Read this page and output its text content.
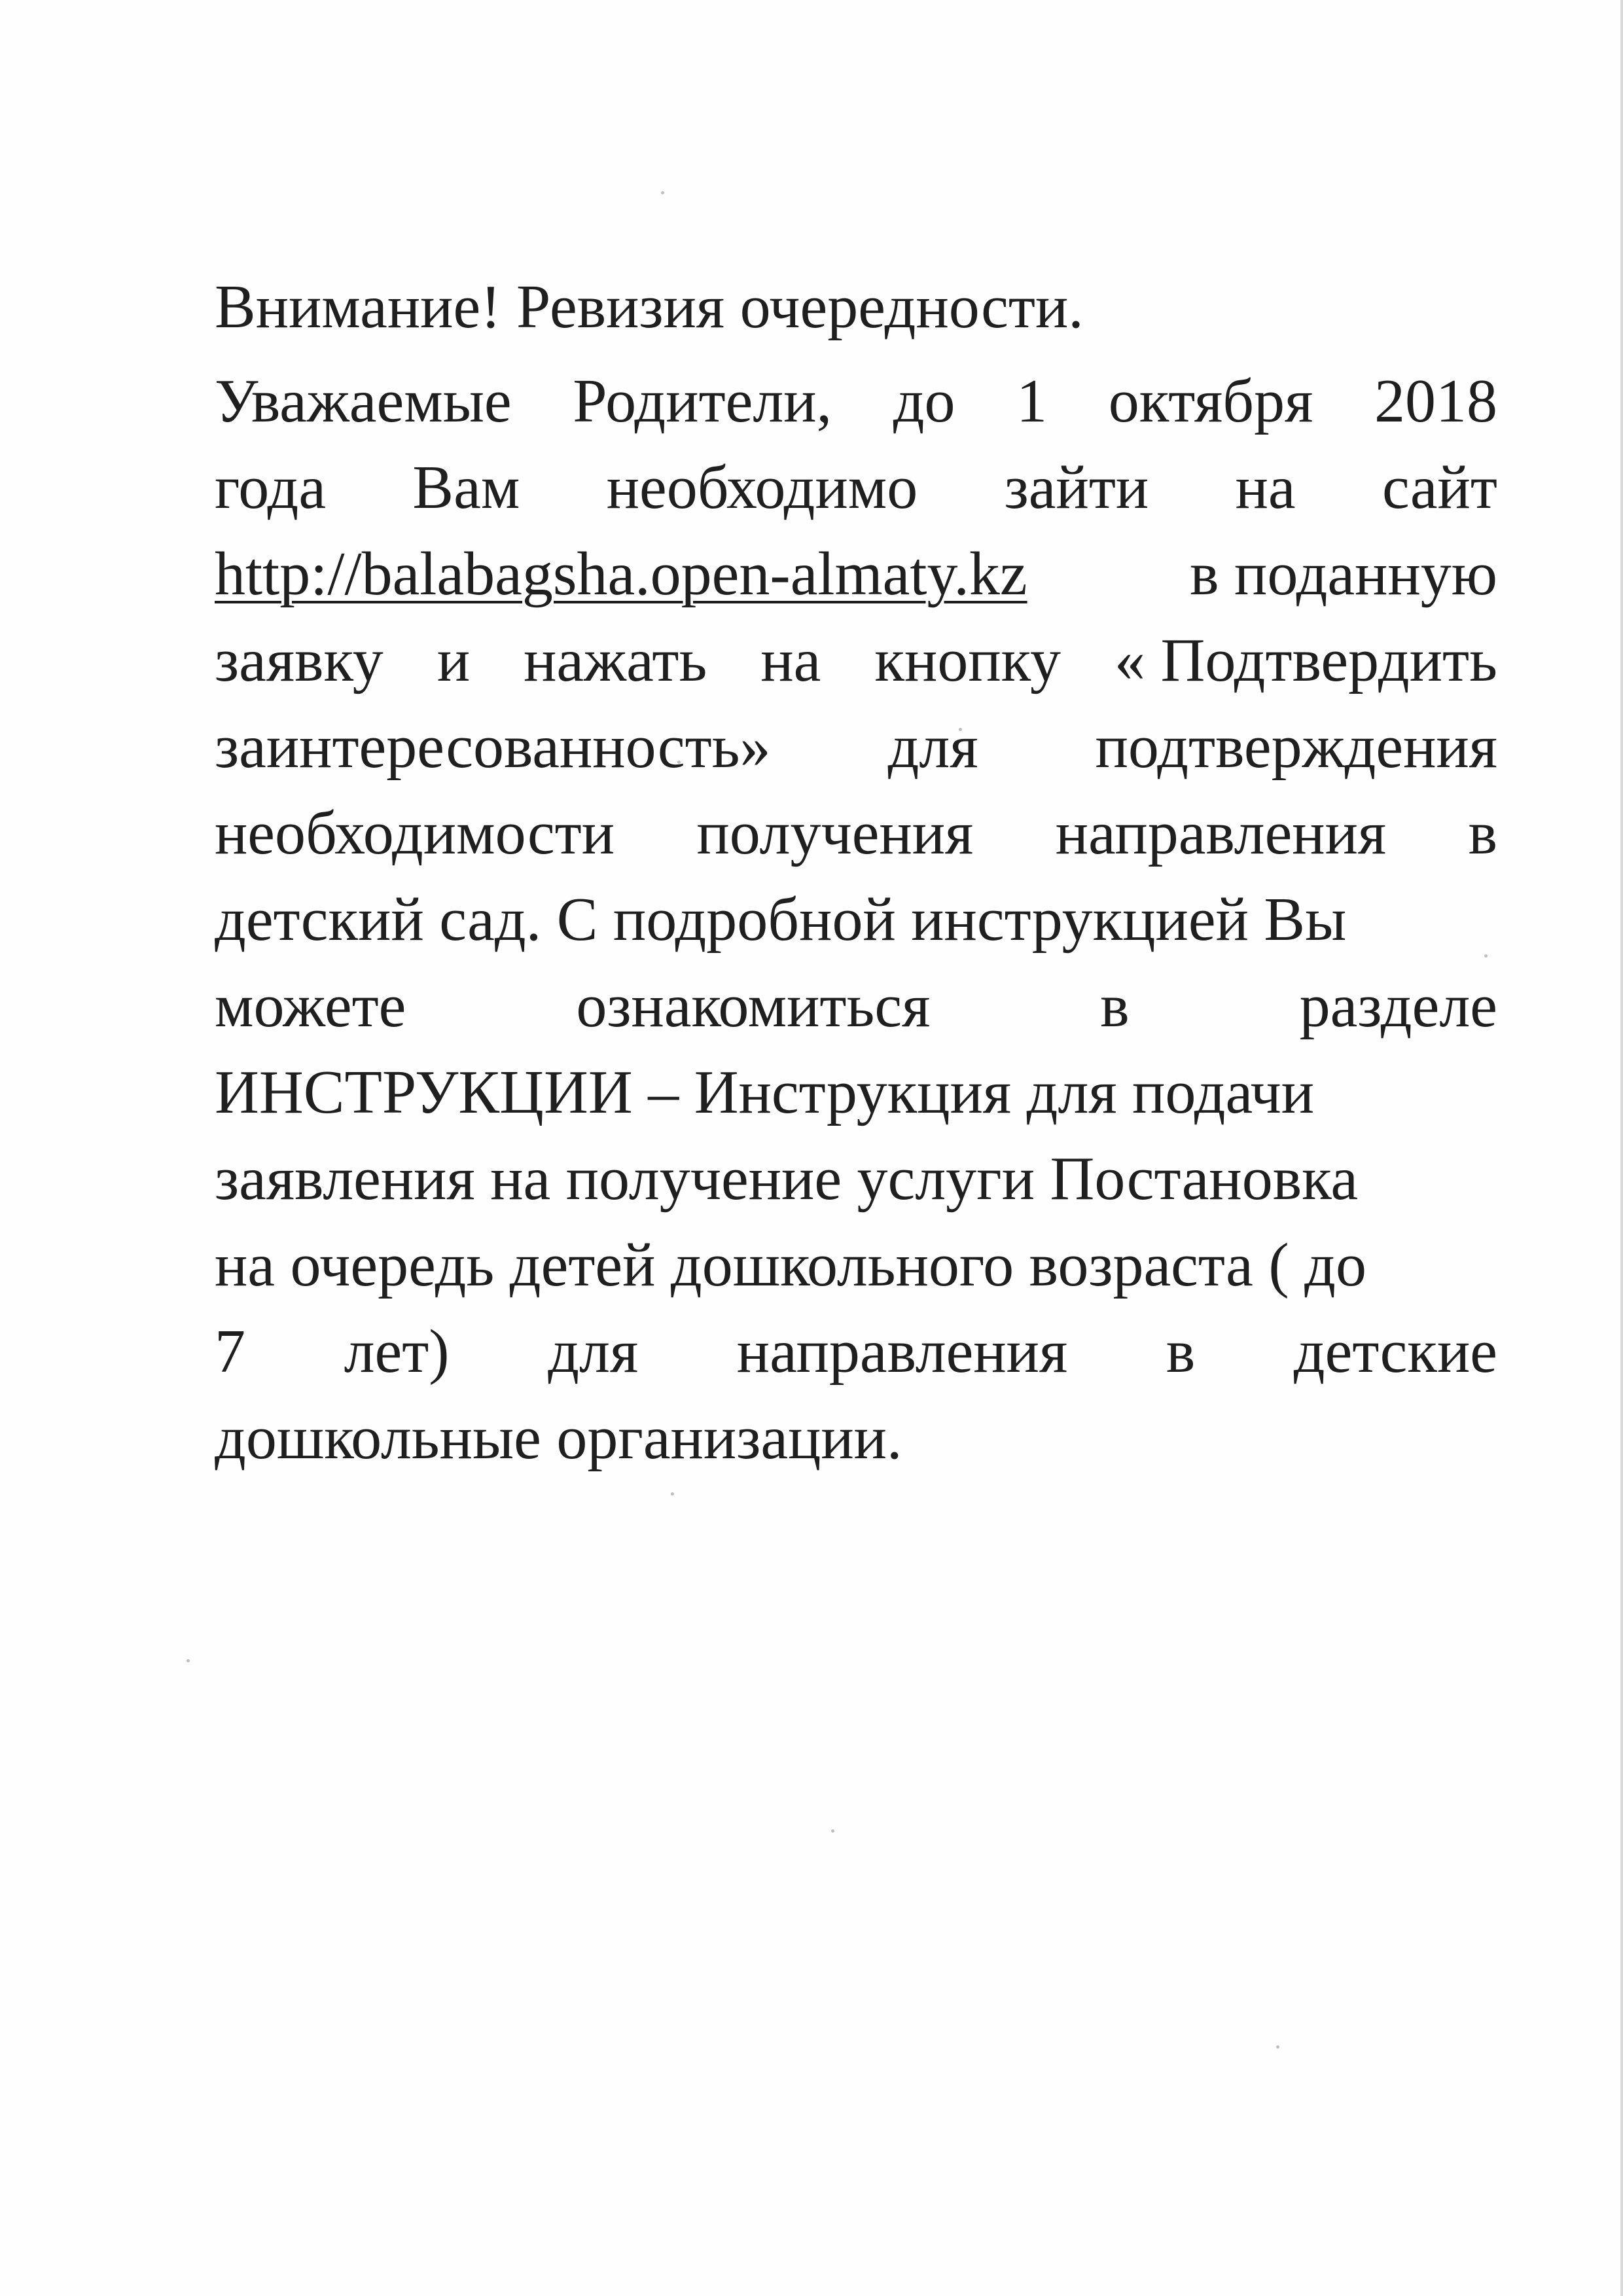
Внимание! Ревизия очередности.
Уважаемые Родители, до 1 октября 2018
года Вам необходимо зайти на сайт
http://balabagsha.open-almaty.kz	в поданную
заявку и нажать на кнопку « Подтвердить
заинтересованность» для подтверждения
необходимости получения направления в
детский сад. С подробной инструкцией Вы
можете	ознакомиться	в	разделе
ИНСТРУКЦИИ – Инструкция для подачи
заявления на получение услуги Постановка
на очередь детей дошкольного возраста ( до
7 лет) для направления в детские
дошкольные организации.
